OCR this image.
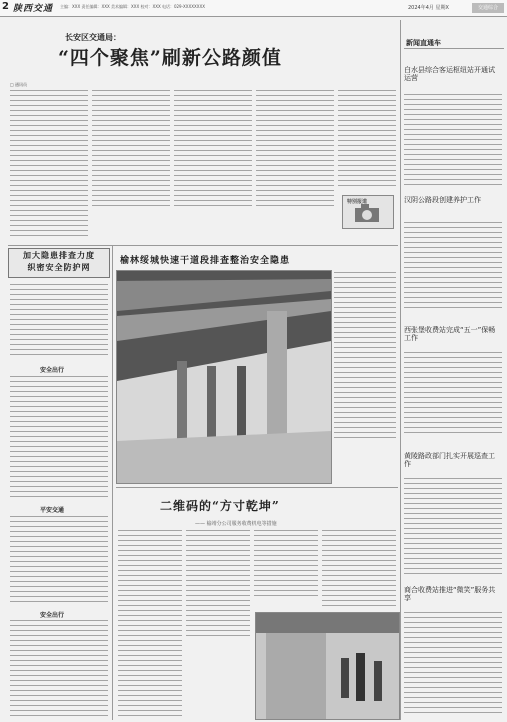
2 陕西交通 主编：XXX 责任编辑：XXX 美术编辑：XXX 校对：XXX 电话：029-XXXXXXXX	2024年4月 星期X	交通综合
长安区交通局：
“四个聚焦”刷新公路颜值
□ 通讯员
特别报道
加大隐患排查力度
织密安全防护网
安全出行
平安交通
安全出行
榆林绥城快速干道段排查整治安全隐患
二维码的“方寸乾坤”
—— 榆靖分公司服务收费机电等措施
新闻直通车
白水县综合客运枢纽站开通试运营
汉阴公路段创建养护工作
西张堡收费站完成“五一”保畅工作
黄陵路政部门扎实开展巡查工作
商合收费站推进“微笑”服务共享
